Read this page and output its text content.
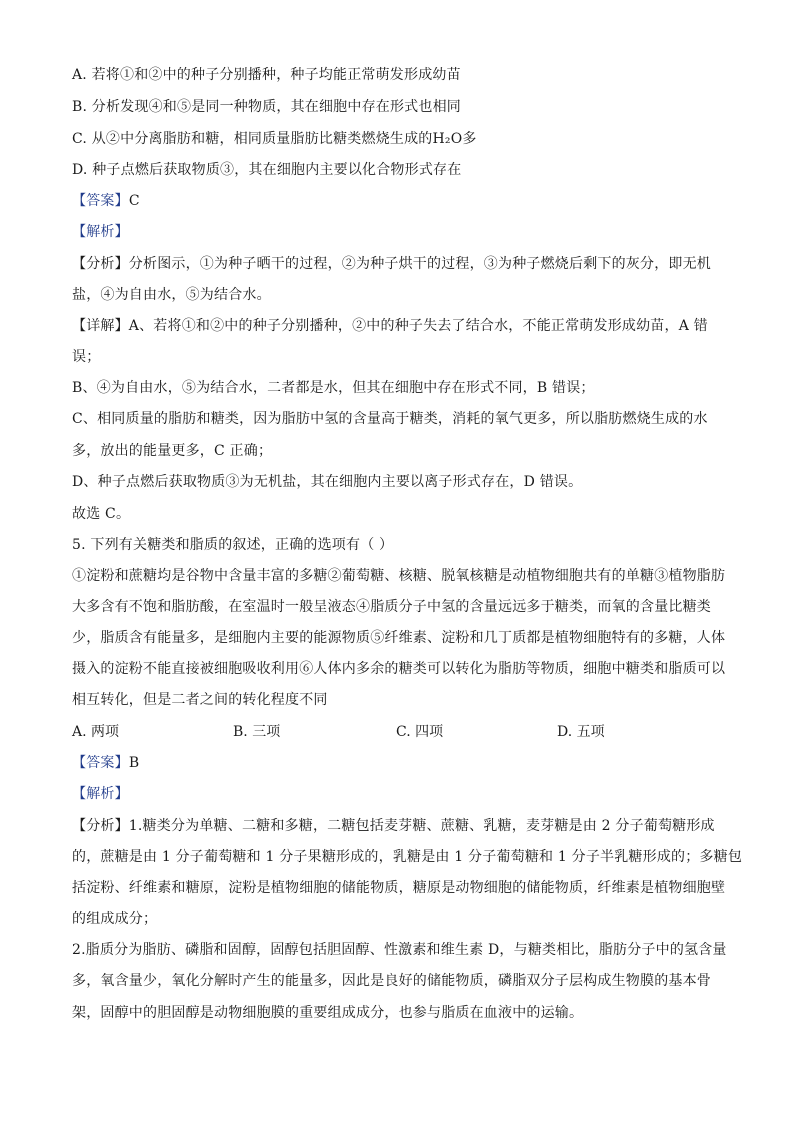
A. 若将①和②中的种子分别播种，种子均能正常萌发形成幼苗
B. 分析发现④和⑤是同一种物质，其在细胞中存在形式也相同
C. 从②中分离脂肪和糖，相同质量脂肪比糖类燃烧生成的H₂O多
D. 种子点燃后获取物质③，其在细胞内主要以化合物形式存在
【答案】C
【解析】
【分析】分析图示，①为种子晒干的过程，②为种子烘干的过程，③为种子燃烧后剩下的灰分，即无机
盐，④为自由水，⑤为结合水。
【详解】A、若将①和②中的种子分别播种，②中的种子失去了结合水，不能正常萌发形成幼苗，A 错
误；
B、④为自由水，⑤为结合水，二者都是水，但其在细胞中存在形式不同，B 错误；
C、相同质量的脂肪和糖类，因为脂肪中氢的含量高于糖类，消耗的氧气更多，所以脂肪燃烧生成的水
多，放出的能量更多，C 正确；
D、种子点燃后获取物质③为无机盐，其在细胞内主要以离子形式存在，D 错误。
故选 C。
5. 下列有关糖类和脂质的叙述，正确的选项有（ ）
①淀粉和蔗糖均是谷物中含量丰富的多糖②葡萄糖、核糖、脱氧核糖是动植物细胞共有的单糖③植物脂肪
大多含有不饱和脂肪酸，在室温时一般呈液态④脂质分子中氢的含量远远多于糖类，而氧的含量比糖类
少，脂质含有能量多，是细胞内主要的能源物质⑤纤维素、淀粉和几丁质都是植物细胞特有的多糖，人体
摄入的淀粉不能直接被细胞吸收利用⑥人体内多余的糖类可以转化为脂肪等物质，细胞中糖类和脂质可以
相互转化，但是二者之间的转化程度不同
A. 两项	B. 三项	C. 四项	D. 五项
【答案】B
【解析】
【分析】1.糖类分为单糖、二糖和多糖，二糖包括麦芽糖、蔗糖、乳糖，麦芽糖是由 2 分子葡萄糖形成
的，蔗糖是由 1 分子葡萄糖和 1 分子果糖形成的，乳糖是由 1 分子葡萄糖和 1 分子半乳糖形成的；多糖包
括淀粉、纤维素和糖原，淀粉是植物细胞的储能物质，糖原是动物细胞的储能物质，纤维素是植物细胞壁
的组成成分；
2.脂质分为脂肪、磷脂和固醇，固醇包括胆固醇、性激素和维生素 D，与糖类相比，脂肪分子中的氢含量
多，氧含量少，氧化分解时产生的能量多，因此是良好的储能物质，磷脂双分子层构成生物膜的基本骨
架，固醇中的胆固醇是动物细胞膜的重要组成成分，也参与脂质在血液中的运输。
